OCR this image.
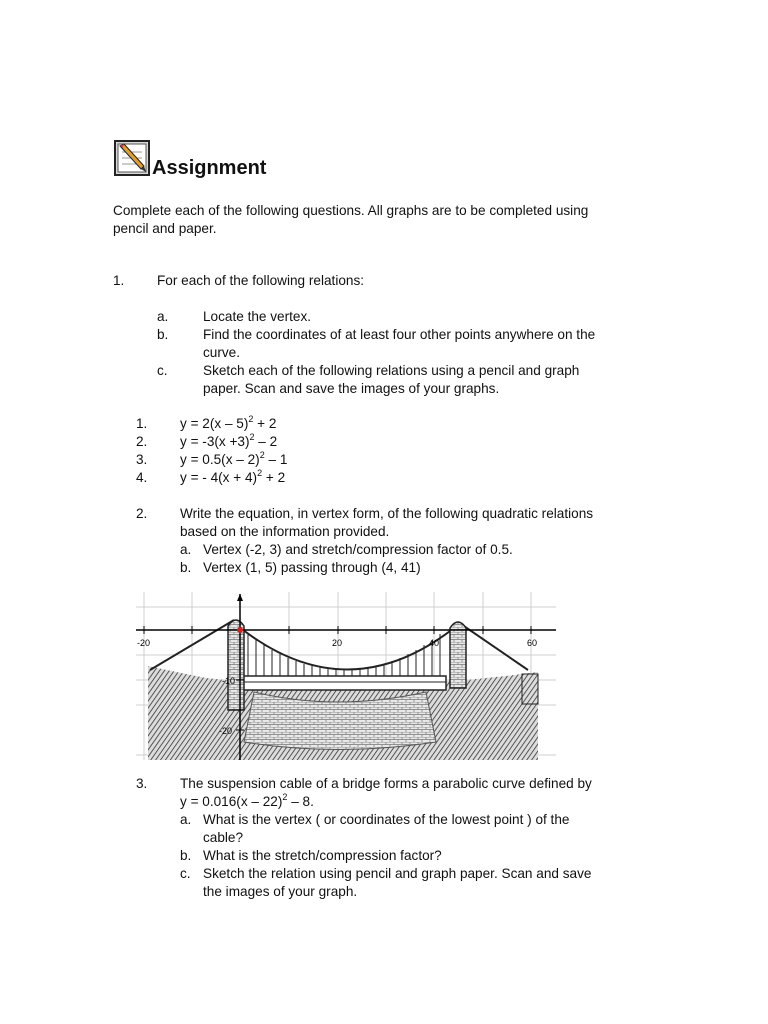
Assignment
Complete each of the following questions. All graphs are to be completed using
pencil and paper.
1. For each of the following relations:
a.	Locate the vertex.
b.	Find the coordinates of at least four other points anywhere on the
curve.
c.	Sketch each of the following relations using a pencil and graph
paper. Scan and save the images of your graphs.
1. y = 2(x – 5)$^2$ + 2
2. $y = -3(x +3)^2 - 2$
3. y = 0.5(x – 2)$^2$ – 1
4. y = - $4(x + 4)^2 + 2$
2. Write the equation, in vertex form, of the following quadratic relations
based on the information provided.
a. Vertex (-2, 3) and stretch/compression factor of 0.5.
b. Vertex (1, 5) passing through (4, 41)
-20	20	40	60
-10
-20
3. The suspension cable of a bridge forms a parabolic curve defined by
y = 0.016(x – 22)$^2$ – 8.
a. What is the vertex ( or coordinates of the lowest point ) of the
cable?
b. What is the stretch/compression factor?
c. Sketch the relation using pencil and graph paper. Scan and save
the images of your graph.
